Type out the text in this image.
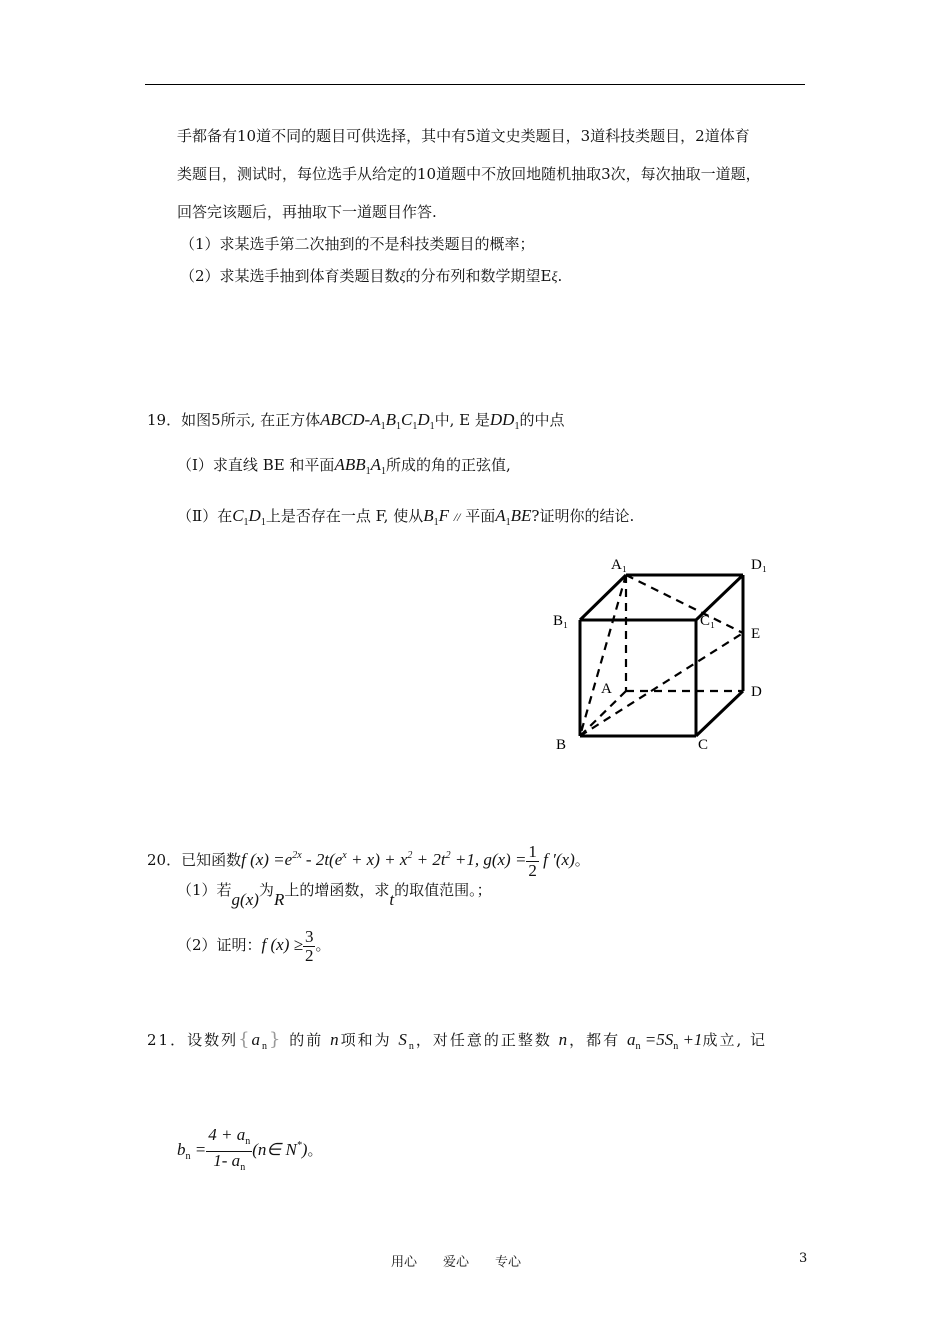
手都备有10道不同的题目可供选择，其中有5道文史类题目，3道科技类题目，2道体育
类题目，测试时，每位选手从给定的10道题中不放回地随机抽取3次，每次抽取一道题，
回答完该题后，再抽取下一道题目作答.
（1）求某选手第二次抽到的不是科技类题目的概率；
（2）求某选手抽到体育类题目数ξ的分布列和数学期望Eξ.
19．如图5所示, 在正方体ABCD-$A_1B_1C_1D_1$中, E 是$DD_1$的中点
（Ⅰ）求直线 BE 和平面$ABB_1A_1$所成的角的正弦值,
（Ⅱ）在$C_1D_1$上是否存在一点 F, 使从$B_1F$ // 平面$A_1BE$?证明你的结论.
A₁	D₁
B₁	C₁
E
A	D
B	C
20．已知函数f $(x) =e^{2x} - 2t(e^x + x) + x^2 + 2t^2 +1$, $g(x) = \frac{1}{2}$ f ′(x)。
（1）若g(x)为R上的增函数，求t的取值范围。；
（2）证明：f $(x) \ge \frac{3}{2}$ 。
21．设数列$\{a_n\}$ 的前 n项和为 $S_n$，对任意的正整数 n，都有 $a_n =5S_n +1$成立, 记
$b_n = \frac{4 + a_n}{1- a_n}$ (n∈ N*)。
用心　　爱心　　专心	3
